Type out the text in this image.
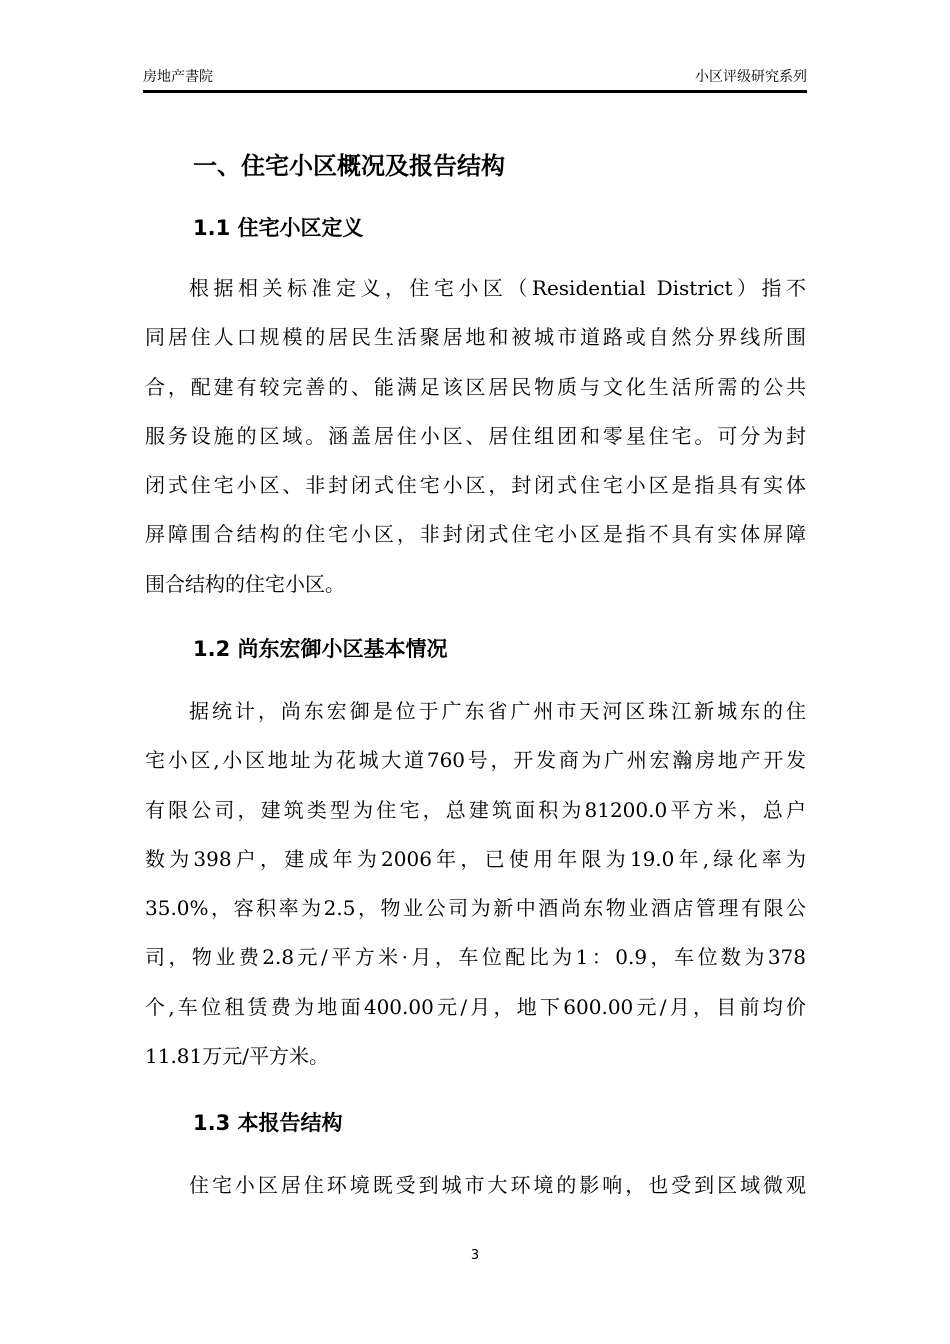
房地产書院	小区评级研究系列
一、住宅小区概况及报告结构
1.1 住宅小区定义
根据相关标准定义，住宅小区（Residential District）指不
同居住人口规模的居民生活聚居地和被城市道路或自然分界线所围
合，配建有较完善的、能满足该区居民物质与文化生活所需的公共
服务设施的区域。涵盖居住小区、居住组团和零星住宅。可分为封
闭式住宅小区、非封闭式住宅小区，封闭式住宅小区是指具有实体
屏障围合结构的住宅小区，非封闭式住宅小区是指不具有实体屏障
围合结构的住宅小区。
1.2 尚东宏御小区基本情况
据统计，尚东宏御是位于广东省广州市天河区珠江新城东的住
宅小区,小区地址为花城大道760号，开发商为广州宏瀚房地产开发
有限公司，建筑类型为住宅，总建筑面积为81200.0平方米，总户
数为398户，建成年为2006年，已使用年限为19.0年,绿化率为
35.0%，容积率为2.5，物业公司为新中酒尚东物业酒店管理有限公
司，物业费2.8元/平方米·月，车位配比为1：0.9，车位数为378
个,车位租赁费为地面400.00元/月，地下600.00元/月，目前均价
11.81万元/平方米。
1.3 本报告结构
住宅小区居住环境既受到城市大环境的影响，也受到区域微观
3
